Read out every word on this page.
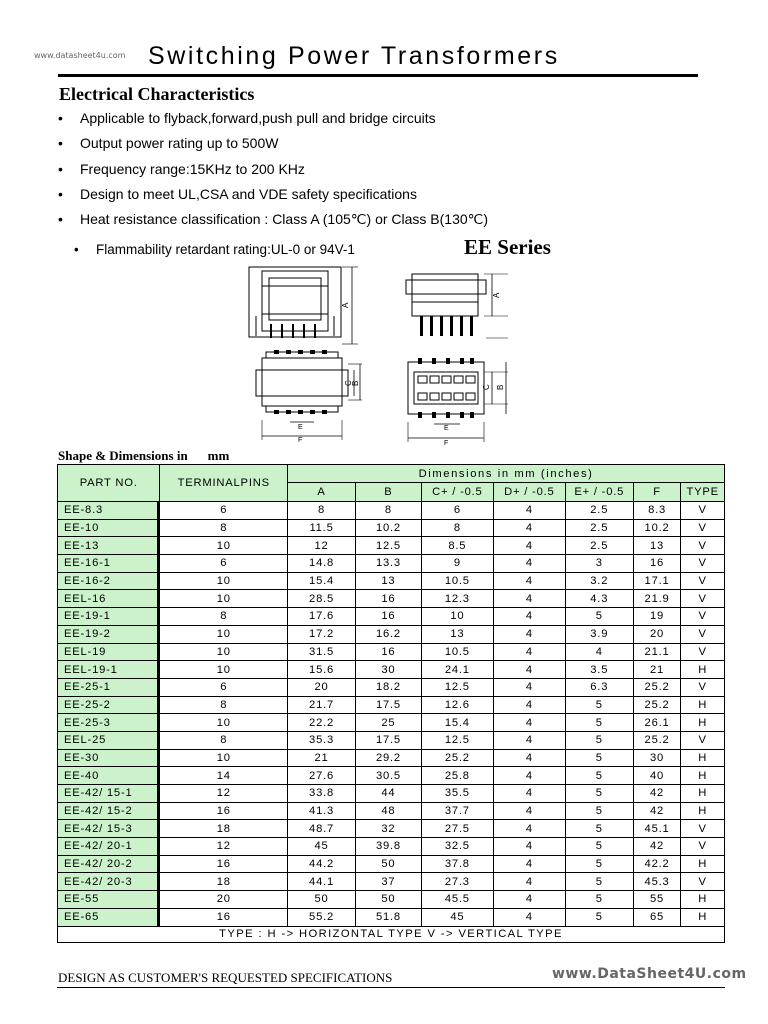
www.datasheet4u.com Switching Power Transformers
Electrical Characteristics
• Applicable to flyback,forward,push pull and bridge circuits
• Output power rating up to 500W
• Frequency range:15KHz to 200 KHz
• Design to meet UL,CSA and VDE safety specifications
• Heat resistance classification : Class A (105℃) or Class B(130℃)
• Flammability retardant rating:UL-0 or 94V-1	EE Series
A
A
C
B
E
F
C B
E
F
Shape & Dimensions in mm
PART NO.	TERMINALPINS	Dimensions in mm (inches)						
		A	B	C+ / -0.5	D+ / -0.5	E+ / -0.5	F	TYPE
EE-8.3	6	8	8	6	4	2.5	8.3	V
EE-10	8	11.5	10.2	8	4	2.5	10.2	V
EE-13	10	12	12.5	8.5	4	2.5	13	V
EE-16-1	6	14.8	13.3	9	4	3	16	V
EE-16-2	10	15.4	13	10.5	4	3.2	17.1	V
EEL-16	10	28.5	16	12.3	4	4.3	21.9	V
EE-19-1	8	17.6	16	10	4	5	19	V
EE-19-2	10	17.2	16.2	13	4	3.9	20	V
EEL-19	10	31.5	16	10.5	4	4	21.1	V
EEL-19-1	10	15.6	30	24.1	4	3.5	21	H
EE-25-1	6	20	18.2	12.5	4	6.3	25.2	V
EE-25-2	8	21.7	17.5	12.6	4	5	25.2	H
EE-25-3	10	22.2	25	15.4	4	5	26.1	H
EEL-25	8	35.3	17.5	12.5	4	5	25.2	V
EE-30	10	21	29.2	25.2	4	5	30	H
EE-40	14	27.6	30.5	25.8	4	5	40	H
EE-42/ 15-1	12	33.8	44	35.5	4	5	42	H
EE-42/ 15-2	16	41.3	48	37.7	4	5	42	H
EE-42/ 15-3	18	48.7	32	27.5	4	5	45.1	V
EE-42/ 20-1	12	45	39.8	32.5	4	5	42	V
EE-42/ 20-2	16	44.2	50	37.8	4	5	42.2	H
EE-42/ 20-3	18	44.1	37	27.3	4	5	45.3	V
EE-55	20	50	50	45.5	4	5	55	H
EE-65	16	55.2	51.8	45	4	5	65	H
TYPE : H -> HORIZONTAL TYPE V -> VERTICAL TYPE								
DESIGN AS CUSTOMER'S REQUESTED SPECIFICATIONS	www.DataSheet4U.com
